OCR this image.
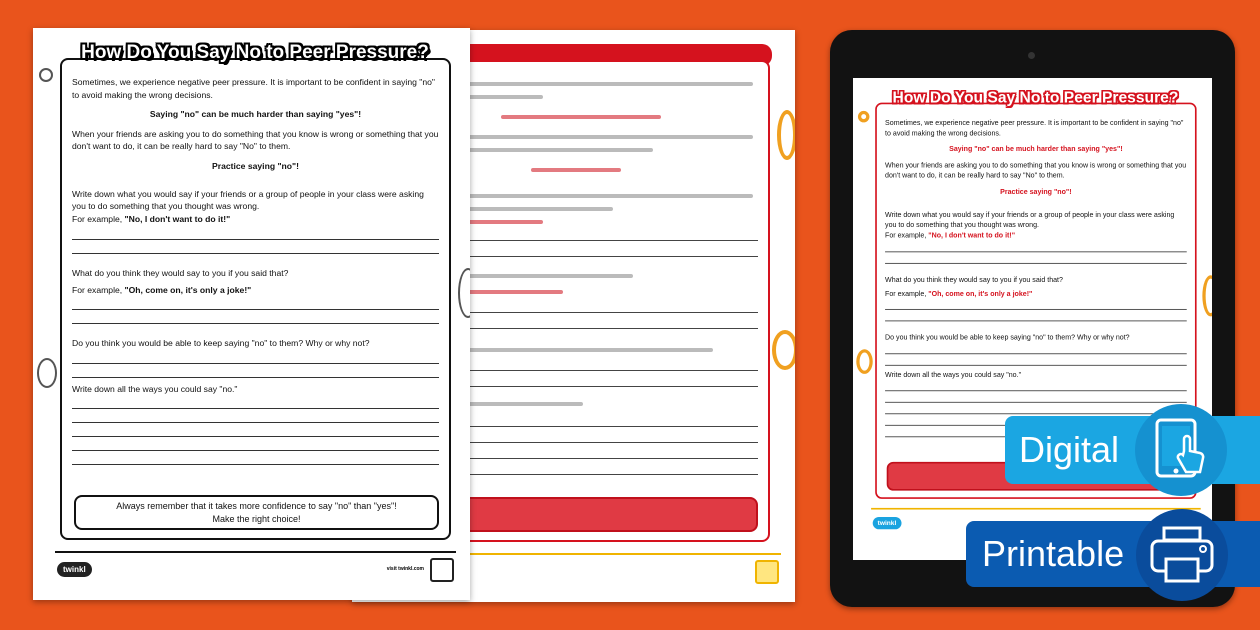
How Do You Say No to Peer Pressure?

Sometimes, we experience negative peer pressure. It is important to be confident in saying "no" to avoid making the wrong decisions.

Saying "no" can be much harder than saying "yes"!

When your friends are asking you to do something that you know is wrong or something that you don't want to do, it can be really hard to say "No" to them.

Practice saying "no"!

Write down what you would say if your friends or a group of people in your class were asking you to do something that you thought was wrong.
For example, "No, I don't want to do it!"

What do you think they would say to you if you said that?

For example, "Oh, come on, it's only a joke!"

Do you think you would be able to keep saying "no" to them? Why or why not?

Write down all the ways you could say "no."

Always remember that it takes more confidence to say "no" than "yes"!
Make the right choice!
twinkl	visit twinkl.com
How Do You Say No to Peer Pressure?

Sometimes, we experience negative peer pressure. It is important to be confident in saying "no" to avoid making the wrong decisions.

Saying "no" can be much harder than saying "yes"!

When your friends are asking you to do something that you know is wrong or something that you don't want to do, it can be really hard to say "No" to them.

Practice saying "no"!

Write down what you would say if your friends or a group of people in your class were asking you to do something that you thought was wrong.
For example, "No, I don't want to do it!"

What do you think they would say to you if you said that?

For example, "Oh, come on, it's only a joke!"

Do you think you would be able to keep saying "no" to them? Why or why not?

Write down all the ways you could say "no."

twinkl
Digital
Printable
